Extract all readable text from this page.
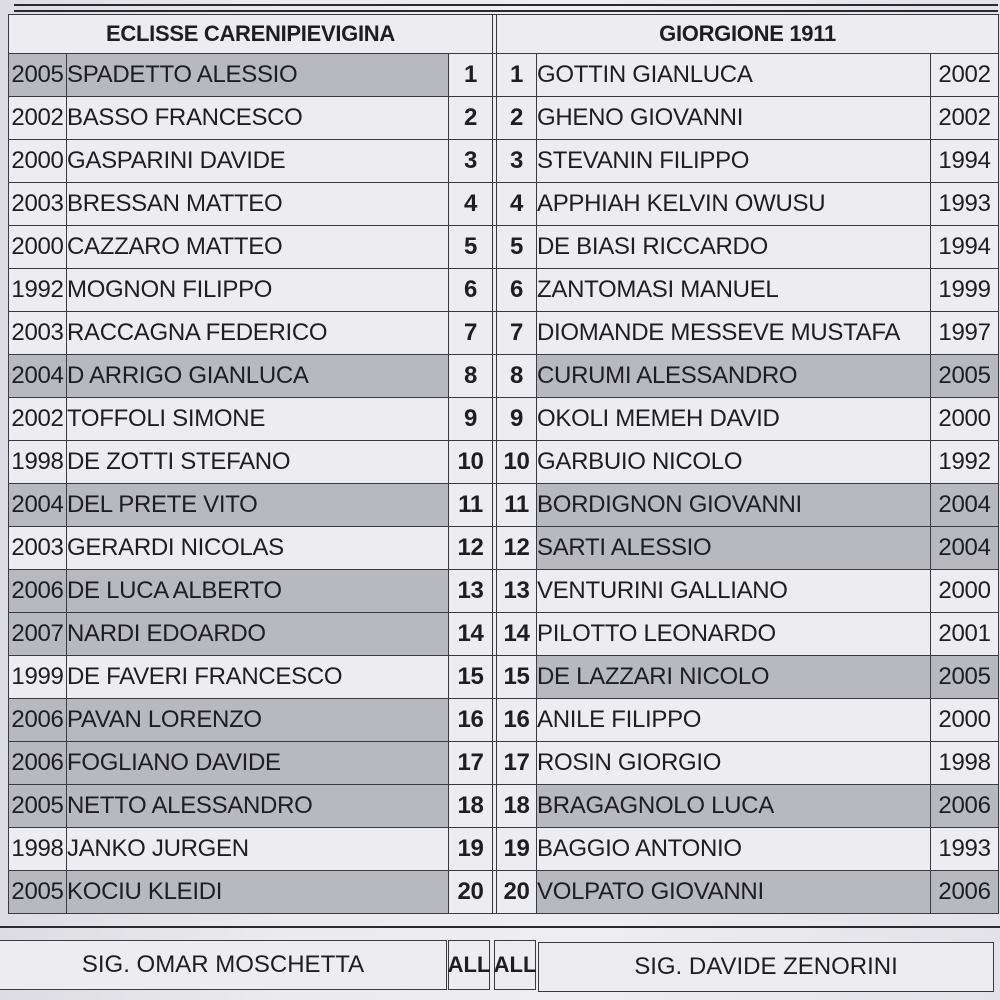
ECLISSE CARENIPIEVIGINA				GIORGIONE 1911		
2005	SPADETTO ALESSIO	1		1	GOTTIN GIANLUCA	2002
2002	BASSO FRANCESCO	2		2	GHENO GIOVANNI	2002
2000	GASPARINI DAVIDE	3		3	STEVANIN FILIPPO	1994
2003	BRESSAN MATTEO	4		4	APPHIAH KELVIN OWUSU	1993
2000	CAZZARO MATTEO	5		5	DE BIASI RICCARDO	1994
1992	MOGNON FILIPPO	6		6	ZANTOMASI MANUEL	1999
2003	RACCAGNA FEDERICO	7		7	DIOMANDE MESSEVE MUSTAFA	1997
2004	D ARRIGO GIANLUCA	8		8	CURUMI ALESSANDRO	2005
2002	TOFFOLI SIMONE	9		9	OKOLI MEMEH DAVID	2000
1998	DE ZOTTI STEFANO	10		10	GARBUIO NICOLO	1992
2004	DEL PRETE VITO	11		11	BORDIGNON GIOVANNI	2004
2003	GERARDI NICOLAS	12		12	SARTI ALESSIO	2004
2006	DE LUCA ALBERTO	13		13	VENTURINI GALLIANO	2000
2007	NARDI EDOARDO	14		14	PILOTTO LEONARDO	2001
1999	DE FAVERI FRANCESCO	15		15	DE LAZZARI NICOLO	2005
2006	PAVAN LORENZO	16		16	ANILE FILIPPO	2000
2006	FOGLIANO DAVIDE	17		17	ROSIN GIORGIO	1998
2005	NETTO ALESSANDRO	18		18	BRAGAGNOLO LUCA	2006
1998	JANKO JURGEN	19		19	BAGGIO ANTONIO	1993
2005	KOCIU KLEIDI	20		20	VOLPATO GIOVANNI	2006
SIG. OMAR MOSCHETTA	ALL ALL	SIG. DAVIDE ZENORINI
